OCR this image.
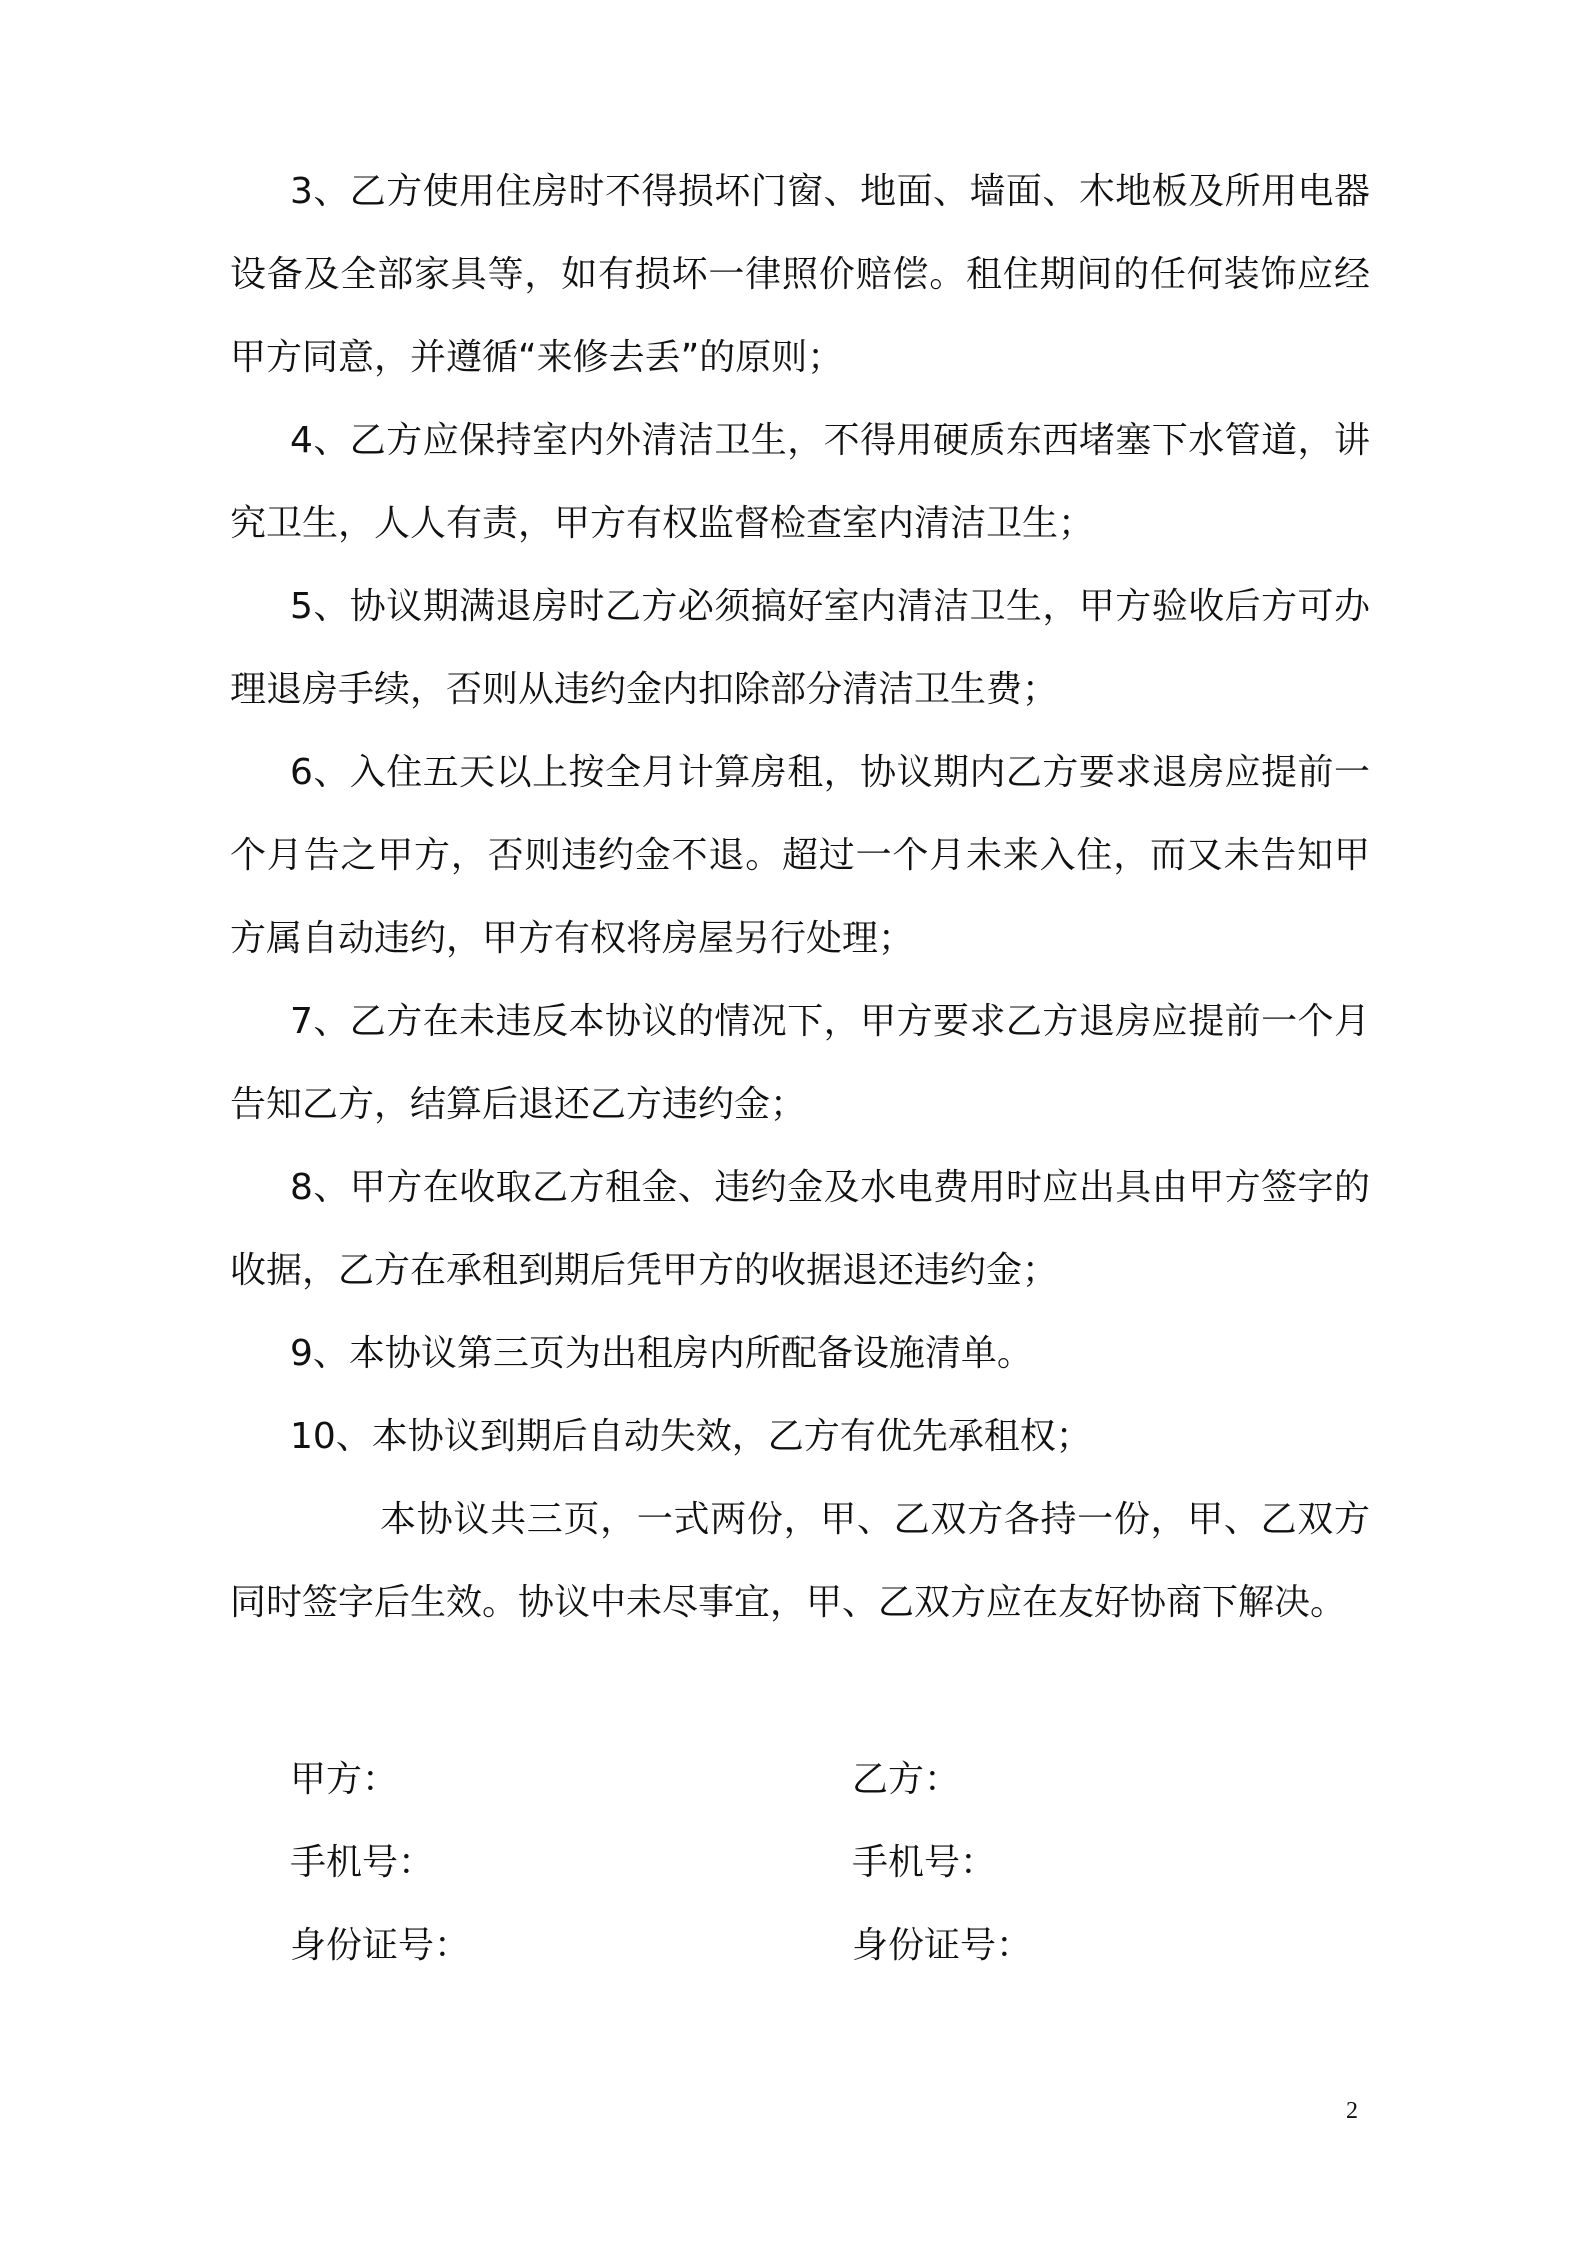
3、乙方使用住房时不得损坏门窗、地面、墙面、木地板及所用电器设备及全部家具等，如有损坏一律照价赔偿。租住期间的任何装饰应经甲方同意，并遵循“来修去丢”的原则；

4、乙方应保持室内外清洁卫生，不得用硬质东西堵塞下水管道，讲究卫生，人人有责，甲方有权监督检查室内清洁卫生；

5、协议期满退房时乙方必须搞好室内清洁卫生，甲方验收后方可办理退房手续，否则从违约金内扣除部分清洁卫生费；

6、入住五天以上按全月计算房租，协议期内乙方要求退房应提前一个月告之甲方，否则违约金不退。超过一个月未来入住，而又未告知甲方属自动违约，甲方有权将房屋另行处理；

7、乙方在未违反本协议的情况下，甲方要求乙方退房应提前一个月告知乙方，结算后退还乙方违约金；

8、甲方在收取乙方租金、违约金及水电费用时应出具由甲方签字的收据，乙方在承租到期后凭甲方的收据退还违约金；

9、本协议第三页为出租房内所配备设施清单。

10、本协议到期后自动失效，乙方有优先承租权；

本协议共三页，一式两份，甲、乙双方各持一份，甲、乙双方同时签字后生效。协议中未尽事宜，甲、乙双方应在友好协商下解决。

甲方：	乙方：
手机号：	手机号：
身份证号：	身份证号：
2
